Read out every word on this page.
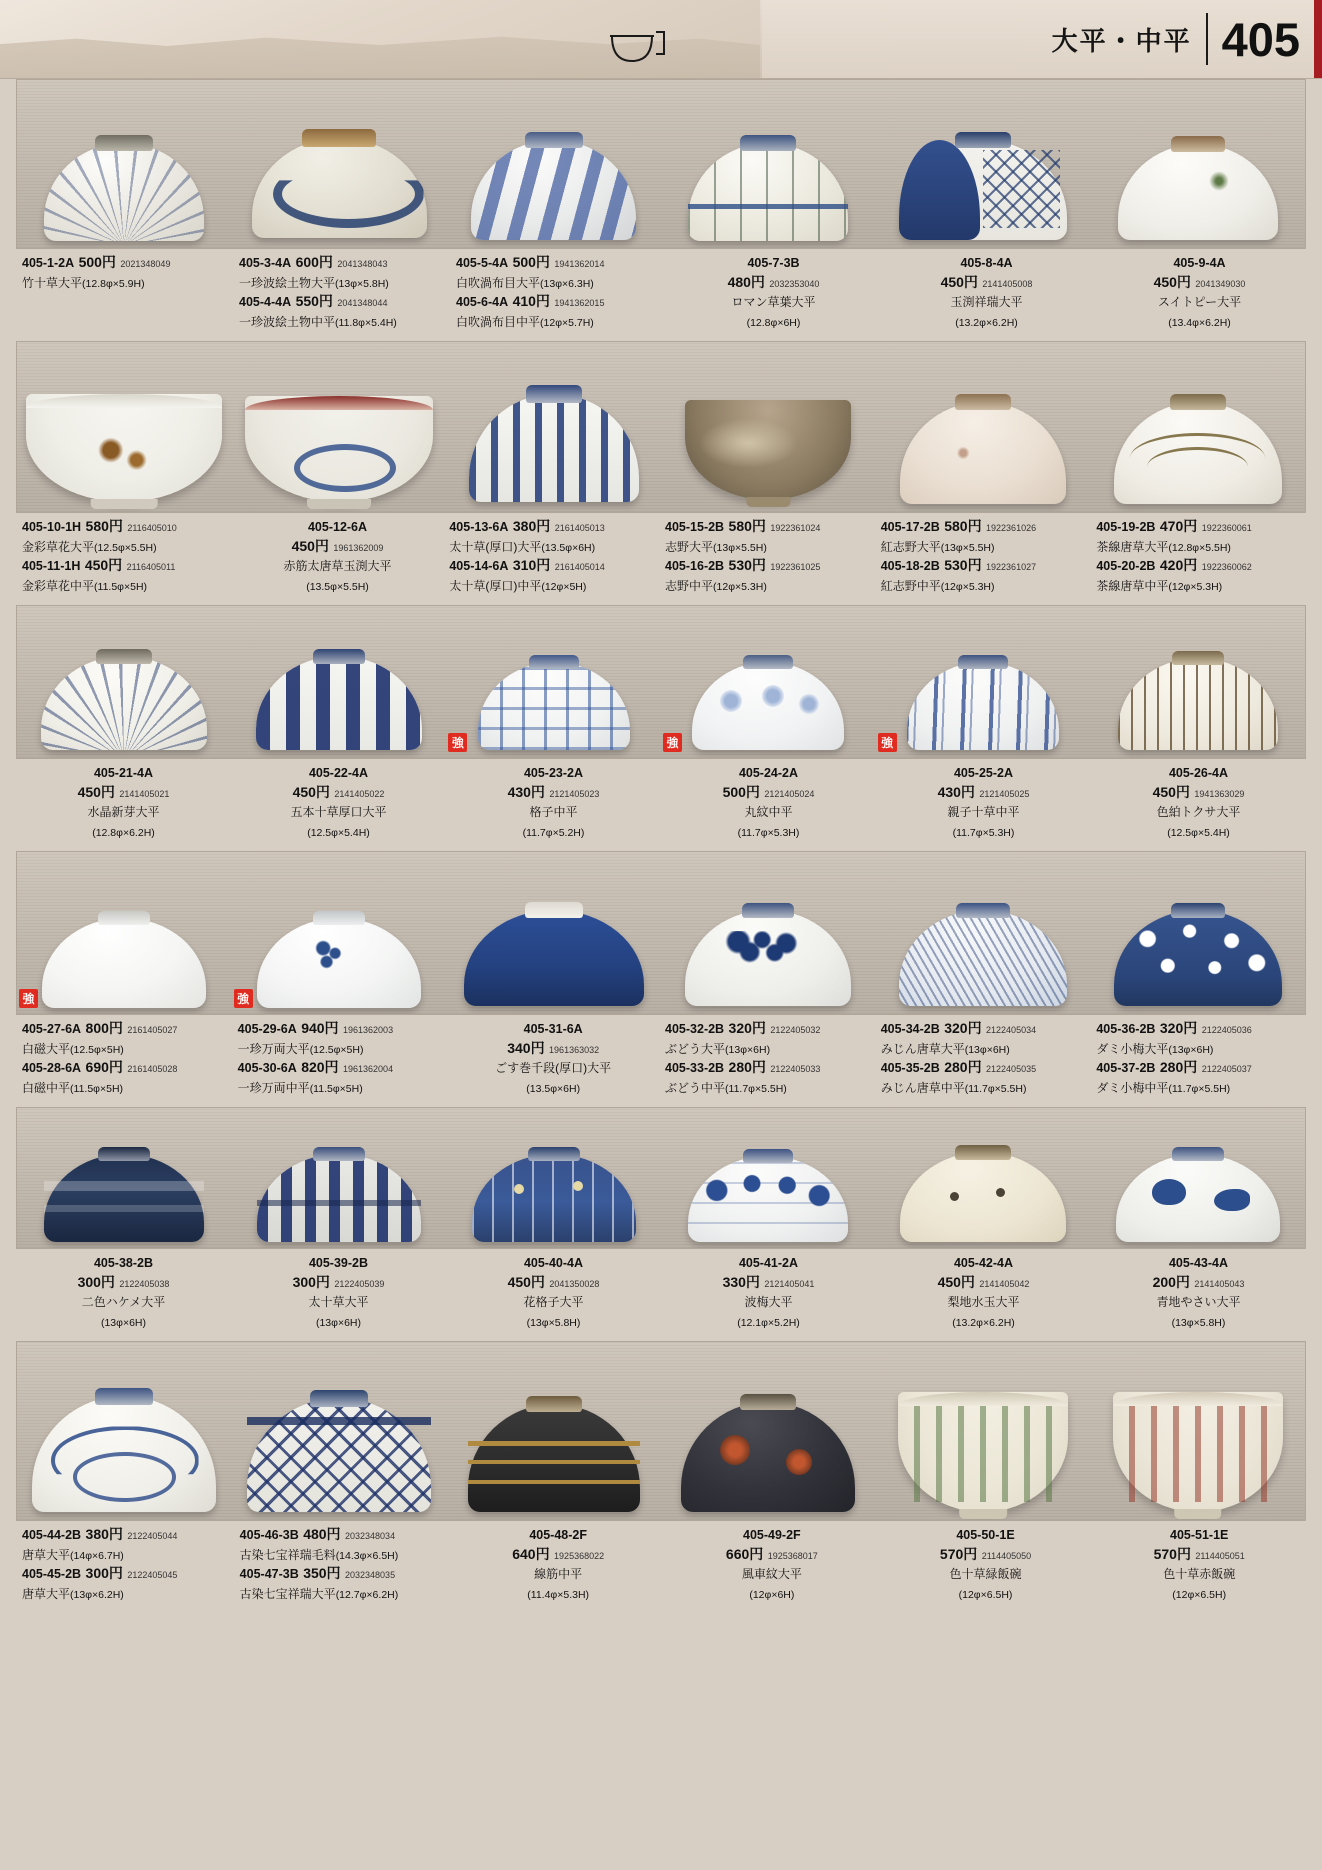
大平・中平 405
405-1-2A 500円 2021348049
竹十草大平(12.8φ×5.9H)
405-3-4A 600円 2041348043
一珍波絵土物大平(13φ×5.8H)
405-4-4A 550円 2041348044
一珍波絵土物中平(11.8φ×5.4H)
405-5-4A 500円 1941362014
白吹渦布目大平(13φ×6.3H)
405-6-4A 410円 1941362015
白吹渦布目中平(12φ×5.7H)
405-7-3B
480円 2032353040
ロマン草葉大平
(12.8φ×6H)
405-8-4A
450円 2141405008
玉渕祥瑞大平
(13.2φ×6.2H)
405-9-4A
450円 2041349030
スイトピー大平
(13.4φ×6.2H)
405-10-1H 580円 2116405010
金彩草花大平(12.5φ×5.5H)
405-11-1H 450円 2116405011
金彩草花中平(11.5φ×5H)
405-12-6A
450円 1961362009
赤筋太唐草玉渕大平
(13.5φ×5.5H)
405-13-6A 380円 2161405013
太十草(厚口)大平(13.5φ×6H)
405-14-6A 310円 2161405014
太十草(厚口)中平(12φ×5H)
405-15-2B 580円 1922361024
志野大平(13φ×5.5H)
405-16-2B 530円 1922361025
志野中平(12φ×5.3H)
405-17-2B 580円 1922361026
紅志野大平(13φ×5.5H)
405-18-2B 530円 1922361027
紅志野中平(12φ×5.3H)
405-19-2B 470円 1922360061
茶線唐草大平(12.8φ×5.5H)
405-20-2B 420円 1922360062
茶線唐草中平(12φ×5.3H)
強	強	強
405-21-4A
450円 2141405021
水晶新芽大平
(12.8φ×6.2H)
405-22-4A
450円 2141405022
五本十草厚口大平
(12.5φ×5.4H)
405-23-2A
430円 2121405023
格子中平
(11.7φ×5.2H)
405-24-2A
500円 2121405024
丸紋中平
(11.7φ×5.3H)
405-25-2A
430円 2121405025
親子十草中平
(11.7φ×5.3H)
405-26-4A
450円 1941363029
色絈トクサ大平
(12.5φ×5.4H)
強	強
405-27-6A 800円 2161405027
白磁大平(12.5φ×5H)
405-28-6A 690円 2161405028
白磁中平(11.5φ×5H)
405-29-6A 940円 1961362003
一珍万両大平(12.5φ×5H)
405-30-6A 820円 1961362004
一珍万両中平(11.5φ×5H)
405-31-6A
340円 1961363032
ごす巻千段(厚口)大平
(13.5φ×6H)
405-32-2B 320円 2122405032
ぶどう大平(13φ×6H)
405-33-2B 280円 2122405033
ぶどう中平(11.7φ×5.5H)
405-34-2B 320円 2122405034
みじん唐草大平(13φ×6H)
405-35-2B 280円 2122405035
みじん唐草中平(11.7φ×5.5H)
405-36-2B 320円 2122405036
ダミ小梅大平(13φ×6H)
405-37-2B 280円 2122405037
ダミ小梅中平(11.7φ×5.5H)
405-38-2B
300円 2122405038
二色ハケメ大平
(13φ×6H)
405-39-2B
300円 2122405039
太十草大平
(13φ×6H)
405-40-4A
450円 2041350028
花格子大平
(13φ×5.8H)
405-41-2A
330円 2121405041
波梅大平
(12.1φ×5.2H)
405-42-4A
450円 2141405042
梨地水玉大平
(13.2φ×6.2H)
405-43-4A
200円 2141405043
青地やさい大平
(13φ×5.8H)
405-44-2B 380円 2122405044
唐草大平(14φ×6.7H)
405-45-2B 300円 2122405045
唐草大平(13φ×6.2H)
405-46-3B 480円 2032348034
古染七宝祥瑞毛料(14.3φ×6.5H)
405-47-3B 350円 2032348035
古染七宝祥瑞大平(12.7φ×6.2H)
405-48-2F
640円 1925368022
線筋中平
(11.4φ×5.3H)
405-49-2F
660円 1925368017
風車紋大平
(12φ×6H)
405-50-1E
570円 2114405050
色十草緑飯碗
(12φ×6.5H)
405-51-1E
570円 2114405051
色十草赤飯碗
(12φ×6.5H)
